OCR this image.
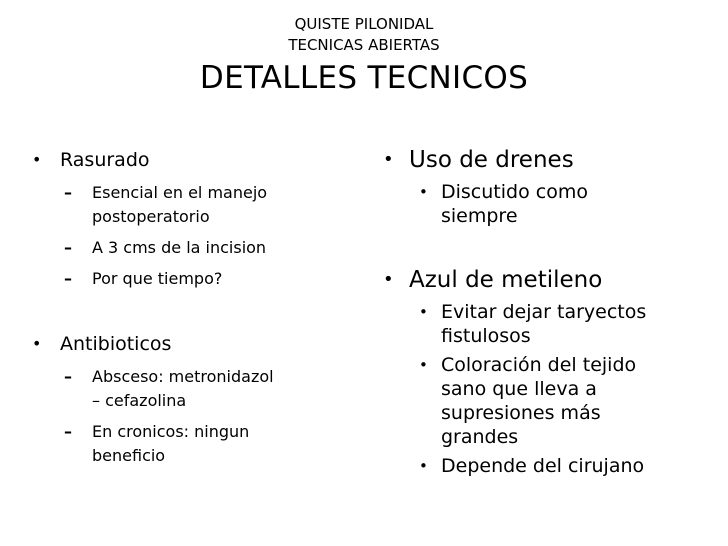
QUISTE PILONIDAL
TECNICAS ABIERTAS
DETALLES TECNICOS
• Rasurado
– Esencial en el manejo
postoperatorio
– A 3 cms de la incision
– Por que tiempo?
• Antibioticos
– Absceso: metronidazol
– cefazolina
– En cronicos: ningun
beneficio
• Uso de drenes
• Discutido como
siempre
• Azul de metileno
• Evitar dejar taryectos
fistulosos
• Coloración del tejido
sano que lleva a
supresiones más
grandes
• Depende del cirujano
